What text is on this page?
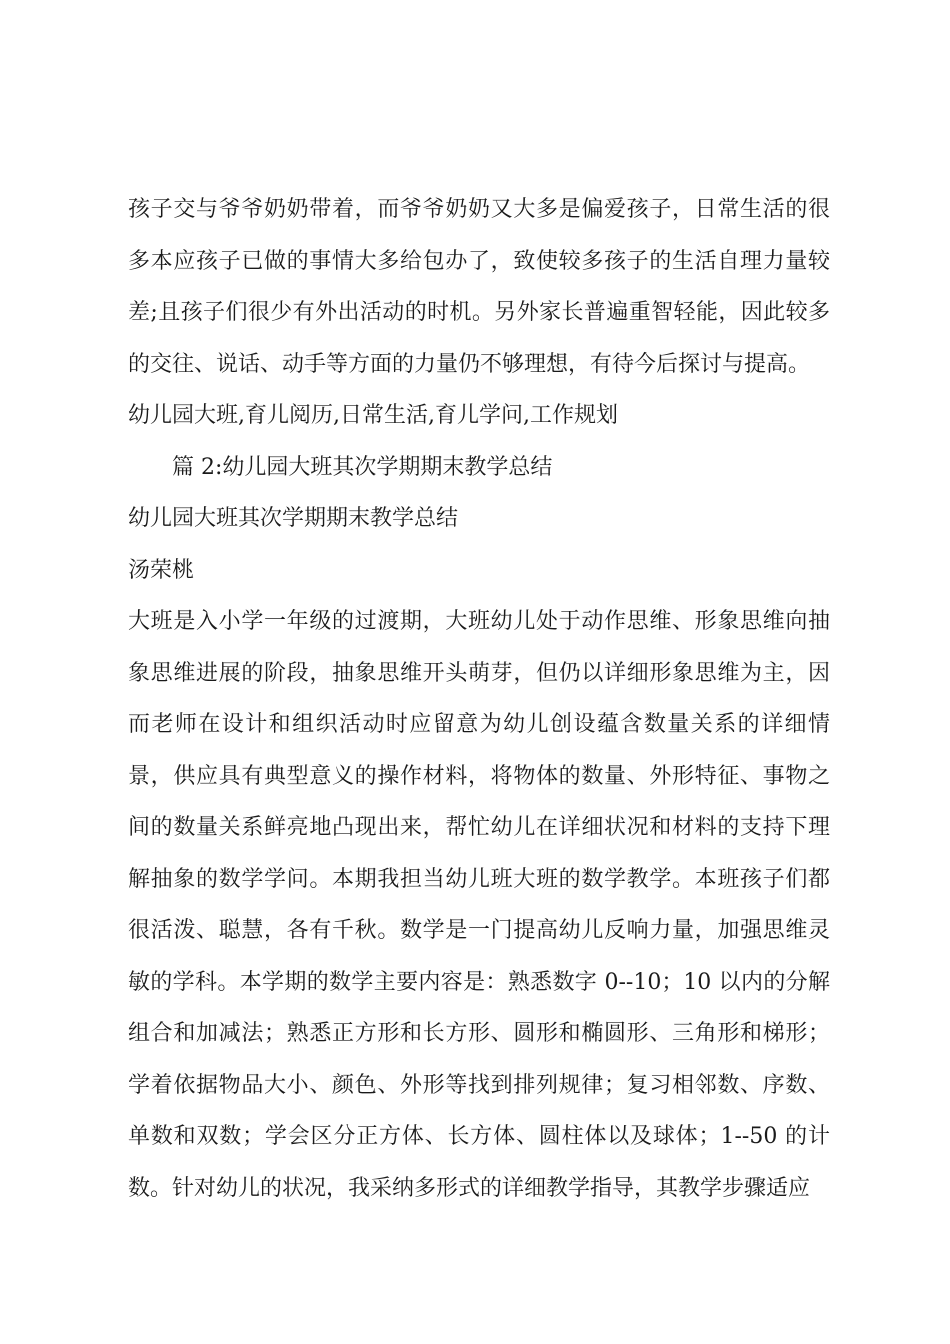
孩子交与爷爷奶奶带着，而爷爷奶奶又大多是偏爱孩子，日常生活的很多本应孩子已做的事情大多给包办了，致使较多孩子的生活自理力量较差;且孩子们很少有外出活动的时机。另外家长普遍重智轻能，因此较多的交往、说话、动手等方面的力量仍不够理想，有待今后探讨与提高。

幼儿园大班,育儿阅历,日常生活,育儿学问,工作规划

篇 2:幼儿园大班其次学期期末教学总结

幼儿园大班其次学期期末教学总结

汤荣桃

大班是入小学一年级的过渡期，大班幼儿处于动作思维、形象思维向抽象思维进展的阶段，抽象思维开头萌芽，但仍以详细形象思维为主，因而老师在设计和组织活动时应留意为幼儿创设蕴含数量关系的详细情景，供应具有典型意义的操作材料，将物体的数量、外形特征、事物之间的数量关系鲜亮地凸现出来，帮忙幼儿在详细状况和材料的支持下理解抽象的数学学问。本期我担当幼儿班大班的数学教学。本班孩子们都很活泼、聪慧，各有千秋。数学是一门提高幼儿反响力量，加强思维灵敏的学科。本学期的数学主要内容是：熟悉数字 0--10；10 以内的分解组合和加减法；熟悉正方形和长方形、圆形和椭圆形、三角形和梯形；学着依据物品大小、颜色、外形等找到排列规律；复习相邻数、序数、单数和双数；学会区分正方体、长方体、圆柱体以及球体；1--50 的计数。针对幼儿的状况，我采纳多形式的详细教学指导，其教学步骤适应
